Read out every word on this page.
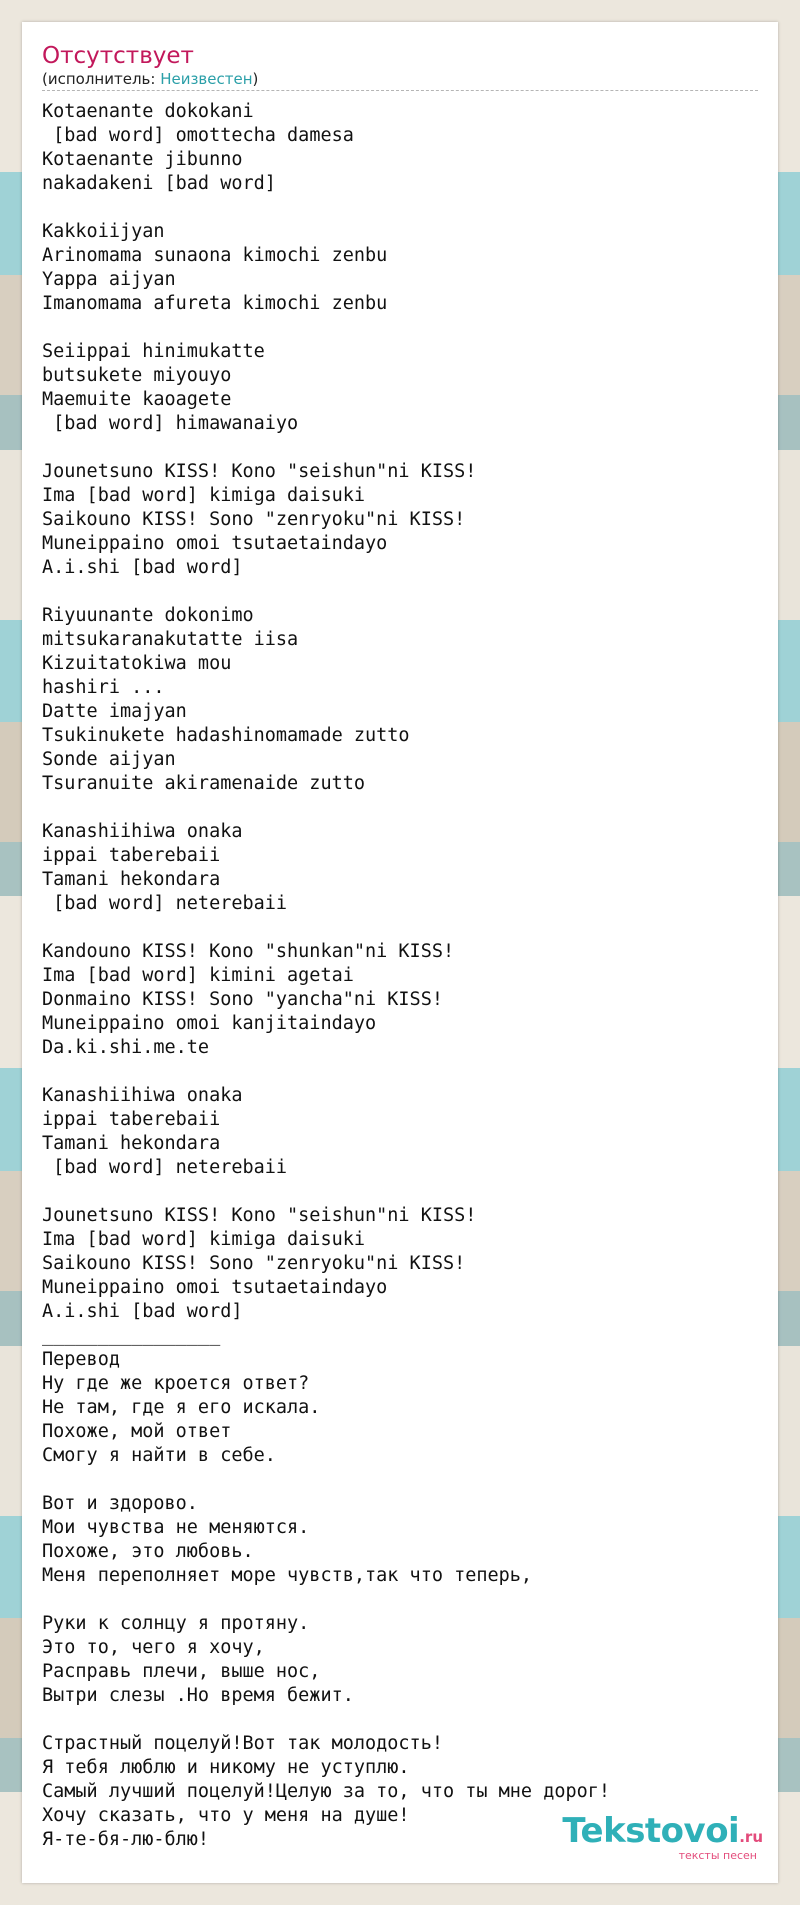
Отсутствует
(исполнитель: Неизвестен)
Kotaenante dokokani
[bad word] omottecha damesa
Kotaenante jibunno
nakadakeni [bad word]

Kakkoiijyan
Arinomama sunaona kimochi zenbu
Yappa aijyan
Imanomama afureta kimochi zenbu

Seiippai hinimukatte
butsukete miyouyo
Maemuite kaoagete
[bad word] himawanaiyo

Jounetsuno KISS! Kono "seishun"ni KISS!
Ima [bad word] kimiga daisuki
Saikouno KISS! Sono "zenryoku"ni KISS!
Muneippaino omoi tsutaetaindayo
A.i.shi [bad word]

Riyuunante dokonimo
mitsukaranakutatte iisa
Kizuitatokiwa mou
hashiri ...
Datte imajyan
Tsukinukete hadashinomamade zutto
Sonde aijyan
Tsuranuite akiramenaide zutto

Kanashiihiwa onaka
ippai taberebaii
Tamani hekondara
[bad word] neterebaii

Kandouno KISS! Kono "shunkan"ni KISS!
Ima [bad word] kimini agetai
Donmaino KISS! Sono "yancha"ni KISS!
Muneippaino omoi kanjitaindayo
Da.ki.shi.me.te

Kanashiihiwa onaka
ippai taberebaii
Tamani hekondara
[bad word] neterebaii

Jounetsuno KISS! Kono "seishun"ni KISS!
Ima [bad word] kimiga daisuki
Saikouno KISS! Sono "zenryoku"ni KISS!
Muneippaino omoi tsutaetaindayo
A.i.shi [bad word]
________________
Перевод
Ну где же кроется ответ?
Не там, где я его искала.
Похоже, мой ответ
Смогу я найти в себе.

Вот и здорово.
Мои чувства не меняются.
Похоже, это любовь.
Меня переполняет море чувств,так что теперь,

Руки к солнцу я протяну.
Это то, чего я хочу,
Расправь плечи, выше нос,
Вытри слезы .Но время бежит.

Страстный поцелуй!Вот так молодость!
Я тебя люблю и никому не уступлю.
Самый лучший поцелуй!Целую за то, что ты мне дорог!
Хочу сказать, что у меня на душе!
Я-те-бя-лю-блю!	Tekstovoi.ru
тексты песен
